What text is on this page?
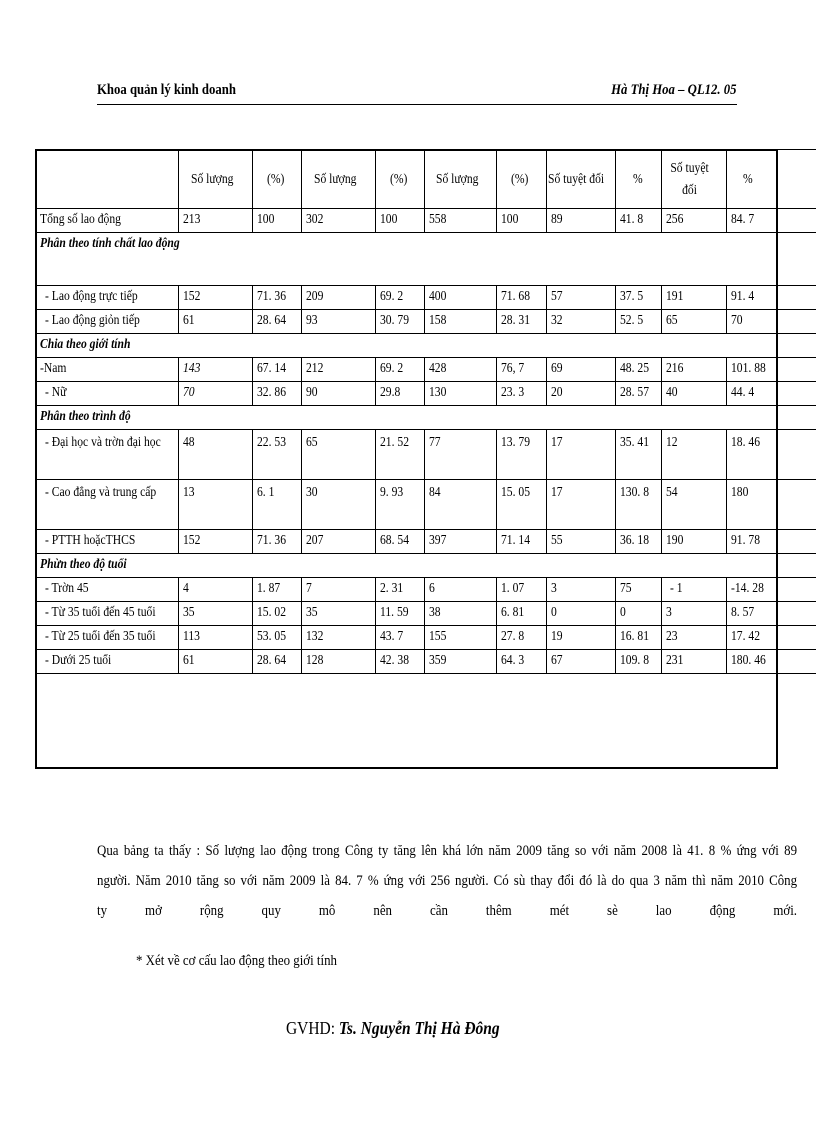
Khoa quản lý kinh doanh	Hà Thị Hoa – QL12. 05
	Số lượng	(%)	Số lượng	(%)	Số lượng	(%)	Số tuyệt đối	%	Số tuyệt đối	%
Tổng số lao động	213	100	302	100	558	100	89	41. 8	256	84. 7
Phân theo tính chất lao động										
- Lao động trực tiếp	152	71. 36	209	69. 2	400	71. 68	57	37. 5	191	91. 4
- Lao động giỏn tiếp	61	28. 64	93	30. 79	158	28. 31	32	52. 5	65	70
Chia theo giới tính										
-Nam	143	67. 14	212	69. 2	428	76, 7	69	48. 25	216	101. 88
- Nữ	70	32. 86	90	29.8	130	23. 3	20	28. 57	40	44. 4
Phân theo trình độ										

- Đại học và trờn đại học	48	22. 53	65	21. 52	77	13. 79	17	35. 41	12	18. 46

- Cao đẳng và trung cấp	13	6. 1	30	9. 93	84	15. 05	17	130. 8	54	180
- PTTH hoặcTHCS	152	71. 36	207	68. 54	397	71. 14	55	36. 18	190	91. 78
Phừn theo độ tuổi										
- Trờn 45	4	1. 87	7	2. 31	6	1. 07	3	75	- 1	-14. 28
- Từ 35 tuổi đến 45 tuổi	35	15. 02	35	11. 59	38	6. 81	0	0	3	8. 57
- Từ 25 tuổi đến 35 tuổi	113	53. 05	132	43. 7	155	27. 8	19	16. 81	23	17. 42
- Dưới 25 tuổi	61	28. 64	128	42. 38	359	64. 3	67	109. 8	231	180. 46
Qua bảng ta thấy : Số lượng lao động trong Công ty tăng lên khá lớn năm 2009 tăng so với năm 2008 là 41. 8 % ứng với 89
người. Năm 2010 tăng so với năm 2009 là 84. 7 % ứng với 256 người. Có sù thay đổi đó là do qua 3 năm thì năm 2010 Công
ty mở rộng quy mô nên cần thêm mét sè lao động mới.
* Xét về cơ cấu lao động theo giới tính
GVHD: Ts. Nguyễn Thị Hà Đông
